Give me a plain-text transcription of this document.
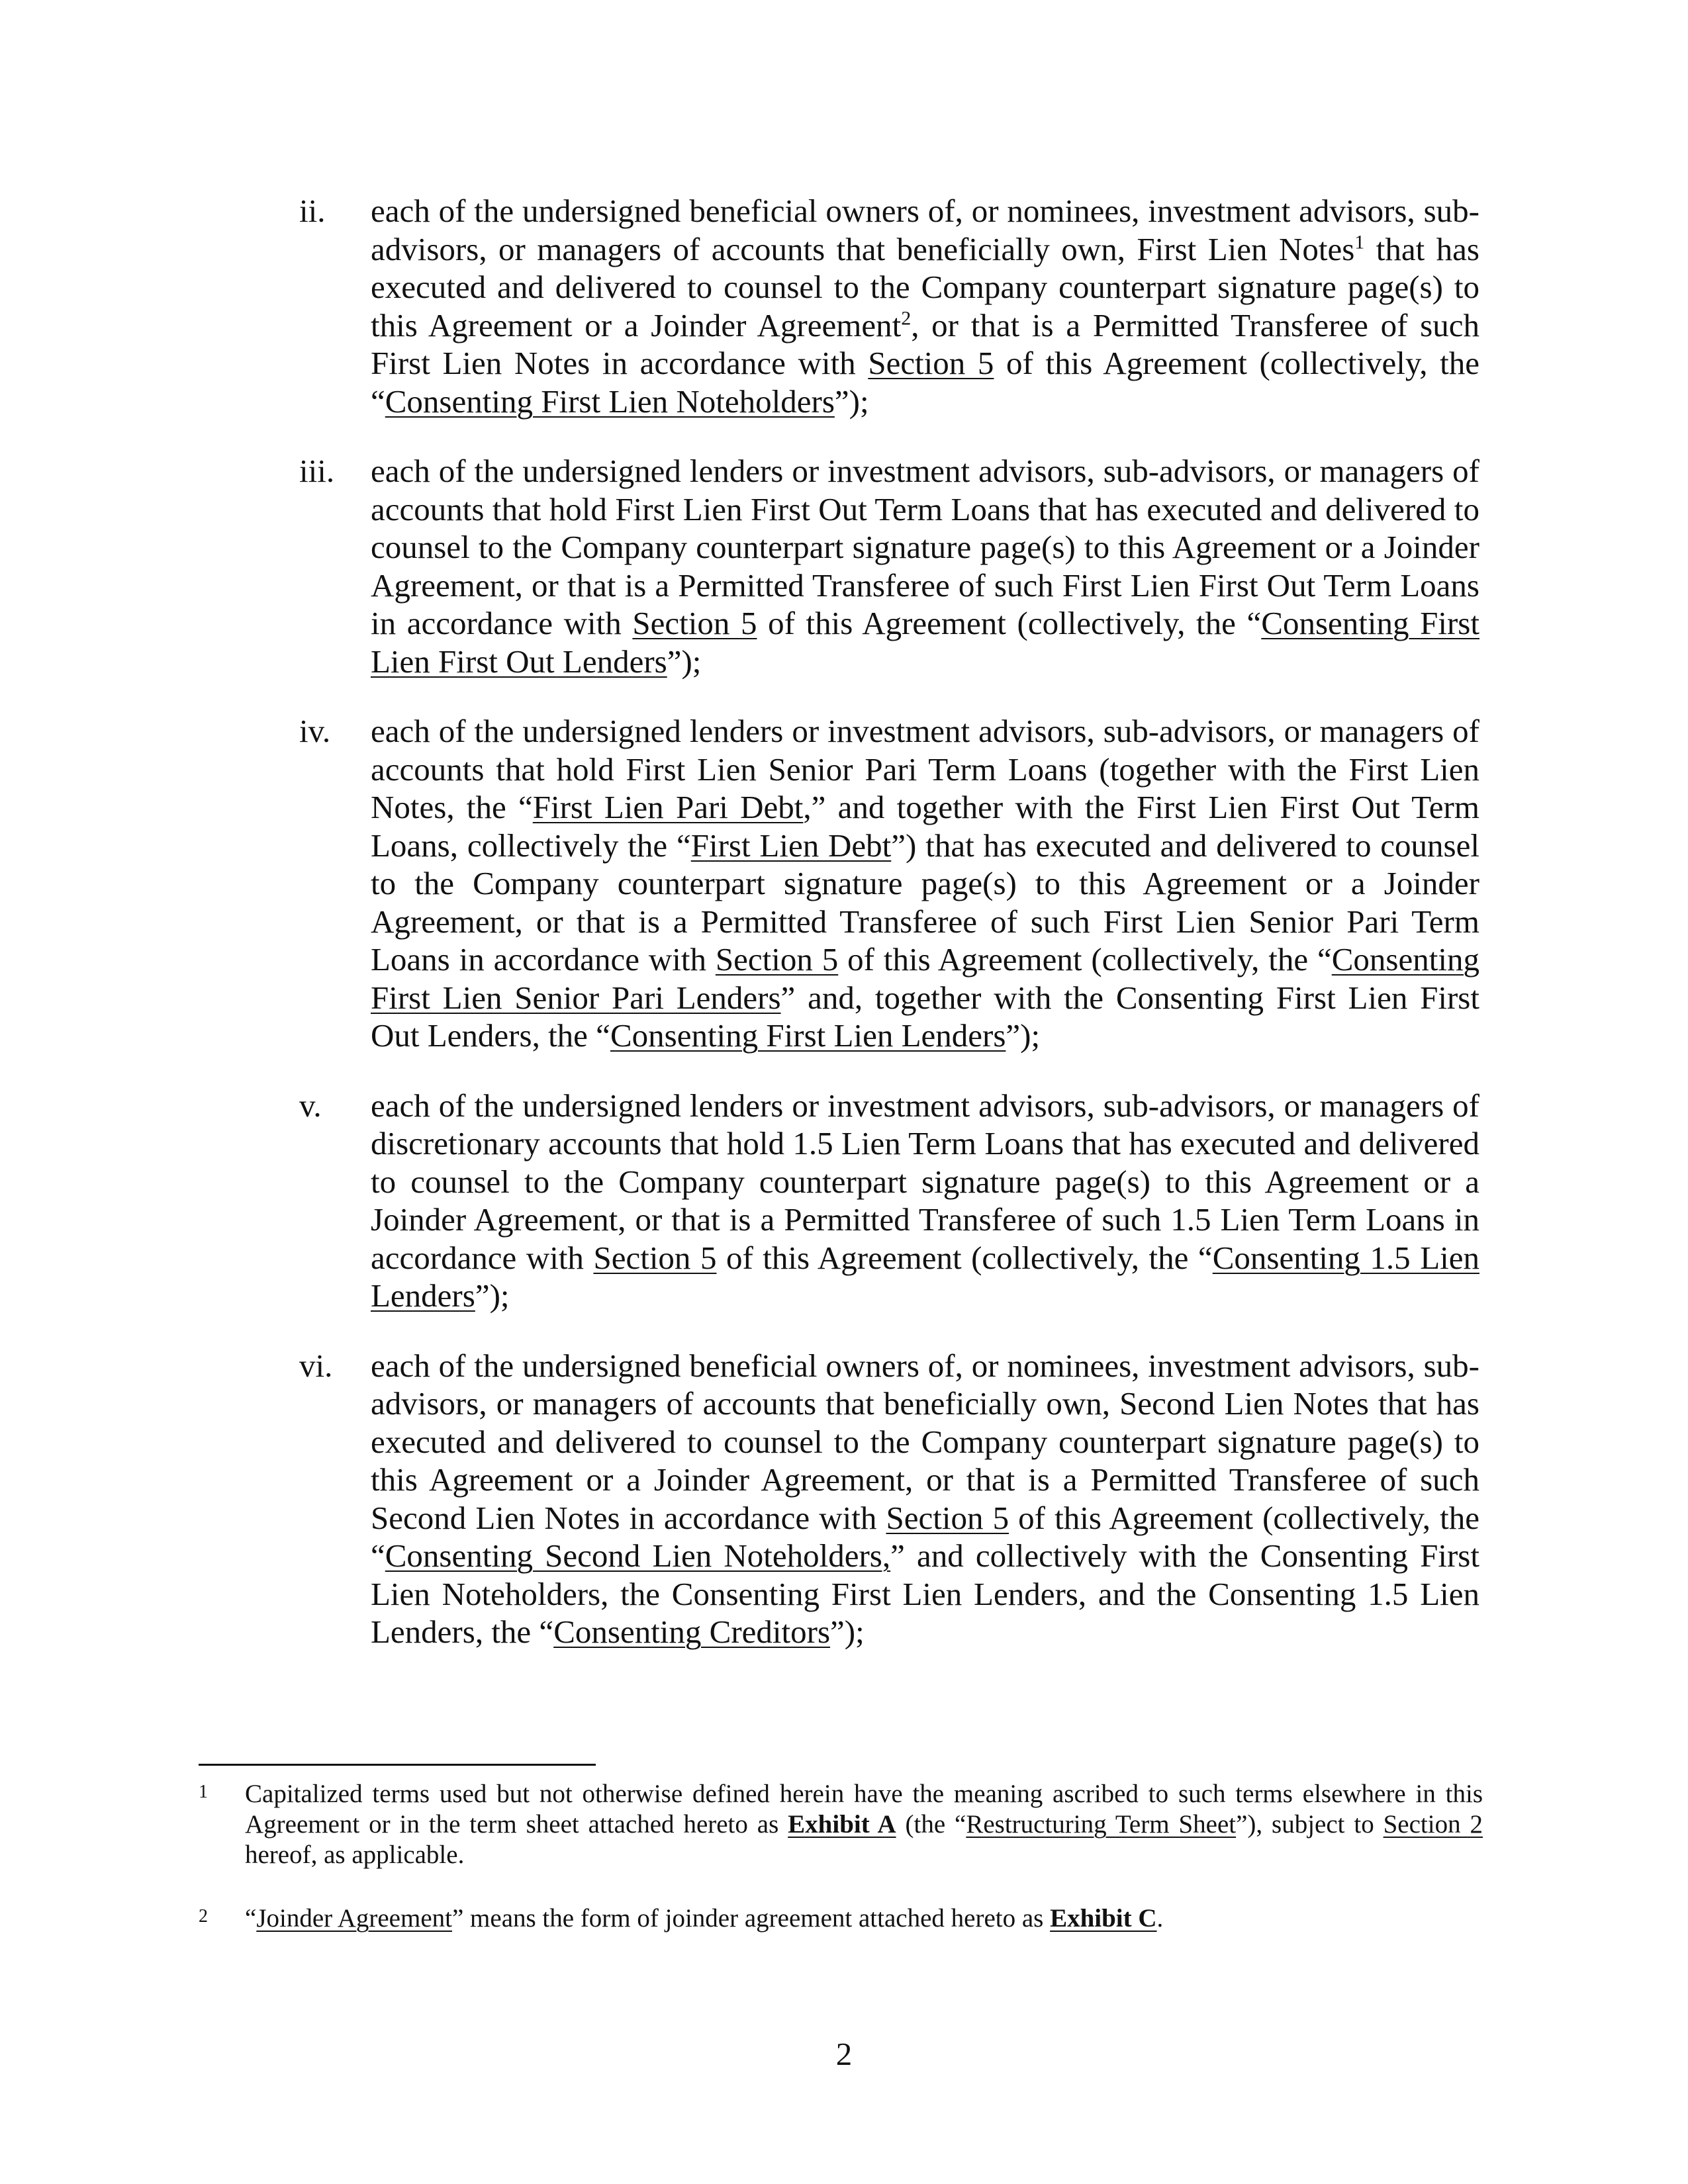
ii.	each of the undersigned beneficial owners of, or nominees, investment advisors, sub-advisors, or managers of accounts that beneficially own, First Lien Notes$^1$ that has executed and delivered to counsel to the Company counterpart signature page(s) to this Agreement or a Joinder Agreement$^2$, or that is a Permitted Transferee of such First Lien Notes in accordance with Section 5 of this Agreement (collectively, the “Consenting First Lien Noteholders”);
iii.	each of the undersigned lenders or investment advisors, sub-advisors, or managers of accounts that hold First Lien First Out Term Loans that has executed and delivered to counsel to the Company counterpart signature page(s) to this Agreement or a Joinder Agreement, or that is a Permitted Transferee of such First Lien First Out Term Loans in accordance with Section 5 of this Agreement (collectively, the “Consenting First Lien First Out Lenders”);
iv.	each of the undersigned lenders or investment advisors, sub-advisors, or managers of accounts that hold First Lien Senior Pari Term Loans (together with the First Lien Notes, the “First Lien Pari Debt,” and together with the First Lien First Out Term Loans, collectively the “First Lien Debt”) that has executed and delivered to counsel to the Company counterpart signature page(s) to this Agreement or a Joinder Agreement, or that is a Permitted Transferee of such First Lien Senior Pari Term Loans in accordance with Section 5 of this Agreement (collectively, the “Consenting First Lien Senior Pari Lenders” and, together with the Consenting First Lien First Out Lenders, the “Consenting First Lien Lenders”);
v.	each of the undersigned lenders or investment advisors, sub-advisors, or managers of discretionary accounts that hold 1.5 Lien Term Loans that has executed and delivered to counsel to the Company counterpart signature page(s) to this Agreement or a Joinder Agreement, or that is a Permitted Transferee of such 1.5 Lien Term Loans in accordance with Section 5 of this Agreement (collectively, the “Consenting 1.5 Lien Lenders”);
vi.	each of the undersigned beneficial owners of, or nominees, investment advisors, sub-advisors, or managers of accounts that beneficially own, Second Lien Notes that has executed and delivered to counsel to the Company counterpart signature page(s) to this Agreement or a Joinder Agreement, or that is a Permitted Transferee of such Second Lien Notes in accordance with Section 5 of this Agreement (collectively, the “Consenting Second Lien Noteholders,” and collectively with the Consenting First Lien Noteholders, the Consenting First Lien Lenders, and the Consenting 1.5 Lien Lenders, the “Consenting Creditors”);
1	Capitalized terms used but not otherwise defined herein have the meaning ascribed to such terms elsewhere in this Agreement or in the term sheet attached hereto as Exhibit A (the “Restructuring Term Sheet”), subject to Section 2 hereof, as applicable.
2	“Joinder Agreement” means the form of joinder agreement attached hereto as Exhibit C.
2
